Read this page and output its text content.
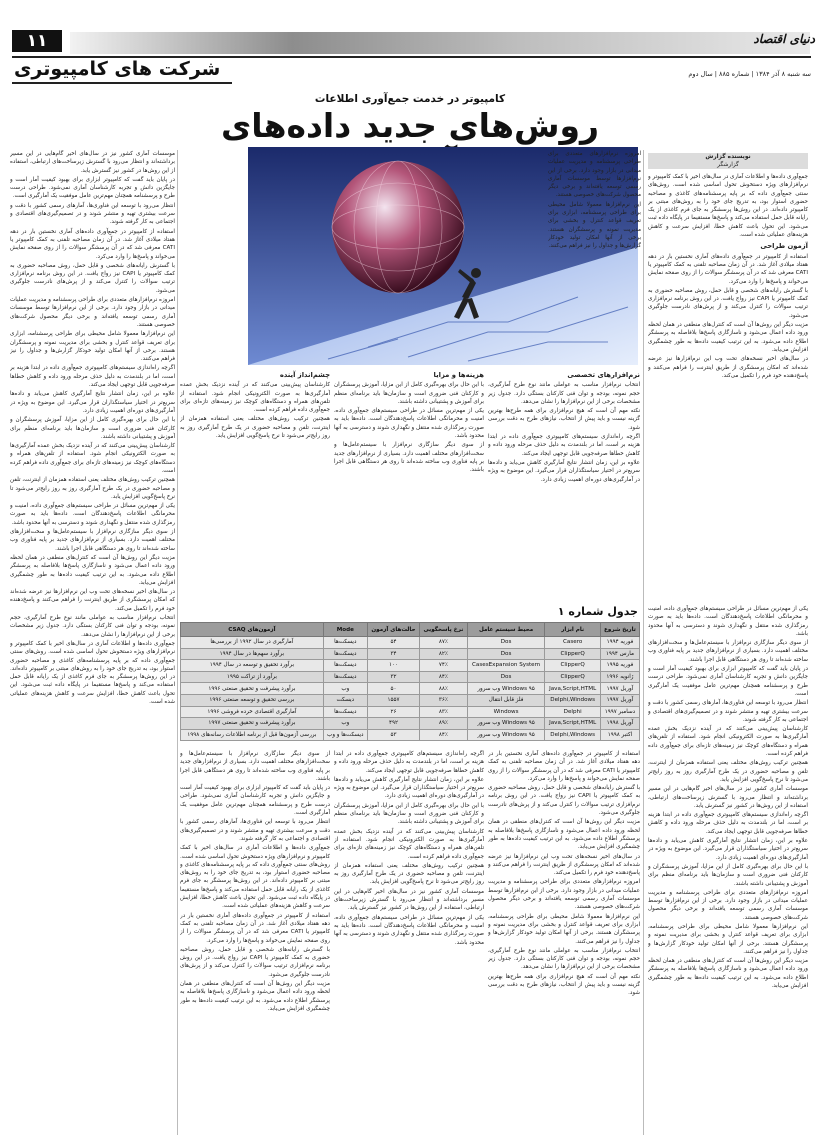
دنیای اقتصاد
۱۱
شرکت های کامپیوتری	سه شنبه ۸ آذر ۱۳۸۴ | شماره ۸۸۵ | سال دوم
کامپیوتر در خدمت جمع‌آوری اطلاعات
روش‌های جدید داده‌های
نویسنده گزارش
گزارشگر

جمع‌آوری داده‌ها و اطلاعات آماری در سال‌های اخیر با کمک کامپیوتر و نرم‌افزارهای ویژه دستخوش تحول اساسی شده است. روش‌های سنتی جمع‌آوری داده که بر پایه پرسشنامه‌های کاغذی و مصاحبه حضوری استوار بود، به تدریج جای خود را به روش‌های مبتنی بر کامپیوتر داده‌اند. در این روش‌ها پرسشگر به جای فرم کاغذی از یک رایانه قابل حمل استفاده می‌کند و پاسخ‌ها مستقیما در پایگاه داده ثبت می‌شود. این تحول باعث کاهش خطا، افزایش سرعت و کاهش هزینه‌های عملیاتی شده است.

آزمون طراحی

استفاده از کامپیوتر در جمع‌آوری داده‌های آماری نخستین بار در دهه هفتاد میلادی آغاز شد. در آن زمان مصاحبه تلفنی به کمک کامپیوتر یا CATI معرفی شد که در آن پرسشگر سوالات را از روی صفحه نمایش می‌خواند و پاسخ‌ها را وارد می‌کرد.

با گسترش رایانه‌های شخصی و قابل حمل، روش مصاحبه حضوری به کمک کامپیوتر یا CAPI نیز رواج یافت. در این روش برنامه نرم‌افزاری ترتیب سوالات را کنترل می‌کند و از پرش‌های نادرست جلوگیری می‌شود.

مزیت دیگر این روش‌ها آن است که کنترل‌های منطقی در همان لحظه ورود داده اعمال می‌شود و ناسازگاری پاسخ‌ها بلافاصله به پرسشگر اطلاع داده می‌شود. به این ترتیب کیفیت داده‌ها به طور چشمگیری افزایش می‌یابد.

در سال‌های اخیر نسخه‌های تحت وب این نرم‌افزارها نیز عرضه شده‌اند که امکان پرسشگری از طریق اینترنت را فراهم می‌کنند و پاسخ‌دهنده خود فرم را تکمیل می‌کند.

امروزه نرم‌افزارهای متعددی برای طراحی پرسشنامه و مدیریت عملیات میدانی در بازار وجود دارد. برخی از این نرم‌افزارها توسط موسسات آماری رسمی توسعه یافته‌اند و برخی دیگر محصول شرکت‌های خصوصی هستند.

این نرم‌افزارها معمولا شامل محیطی برای طراحی پرسشنامه، ابزاری برای تعریف قواعد کنترل و بخشی برای مدیریت نمونه و پرسشگران هستند. برخی از آنها امکان تولید خودکار گزارش‌ها و جداول را نیز فراهم می‌کنند.

نرم‌افزارهای تخصصی

انتخاب نرم‌افزار مناسب به عواملی مانند نوع طرح آمارگیری، حجم نمونه، بودجه و توان فنی کارکنان بستگی دارد. جدول زیر مشخصات برخی از این نرم‌افزارها را نشان می‌دهد.

نکته مهم آن است که هیچ نرم‌افزاری برای همه طرح‌ها بهترین گزینه نیست و باید پیش از انتخاب، نیازهای طرح به دقت بررسی شود.

اگرچه راه‌اندازی سیستم‌های کامپیوتری جمع‌آوری داده در ابتدا هزینه بر است، اما در بلندمدت به دلیل حذف مرحله ورود داده و کاهش خطاها صرفه‌جویی قابل توجهی ایجاد می‌کند.

علاوه بر این، زمان انتشار نتایج آمارگیری کاهش می‌یابد و داده‌ها سریع‌تر در اختیار سیاستگذاران قرار می‌گیرد. این موضوع به ویژه در آمارگیری‌های دوره‌ای اهمیت زیادی دارد.

هزینه‌ها و مزایا

با این حال برای بهره‌گیری کامل از این مزایا، آموزش پرسشگران و کارکنان فنی ضروری است و سازمان‌ها باید برنامه‌ای منظم برای آموزش و پشتیبانی داشته باشند.

یکی از مهم‌ترین مسائل در طراحی سیستم‌های جمع‌آوری داده، امنیت و محرمانگی اطلاعات پاسخ‌دهندگان است. داده‌ها باید به صورت رمزگذاری شده منتقل و نگهداری شوند و دسترسی به آنها محدود باشد.

از سوی دیگر سازگاری نرم‌افزار با سیستم‌عامل‌ها و سخت‌افزارهای مختلف اهمیت دارد. بسیاری از نرم‌افزارهای جدید بر پایه فناوری وب ساخته شده‌اند تا روی هر دستگاهی قابل اجرا باشند.

چشم‌انداز آینده

کارشناسان پیش‌بینی می‌کنند که در آینده نزدیک بخش عمده آمارگیری‌ها به صورت الکترونیکی انجام شود. استفاده از تلفن‌های همراه و دستگاه‌های کوچک نیز زمینه‌های تازه‌ای برای جمع‌آوری داده فراهم کرده است.

همچنین ترکیب روش‌های مختلف یعنی استفاده همزمان از اینترنت، تلفن و مصاحبه حضوری در یک طرح آمارگیری روز به روز رایج‌تر می‌شود تا نرخ پاسخ‌گویی افزایش یابد.

موسسات آماری کشور نیز در سال‌های اخیر گام‌هایی در این مسیر برداشته‌اند و انتظار می‌رود با گسترش زیرساخت‌های ارتباطی، استفاده از این روش‌ها در کشور نیز گسترش یابد.

در پایان باید گفت که کامپیوتر ابزاری برای بهبود کیفیت آمار است و جایگزین دانش و تجربه کارشناسان آماری نمی‌شود. طراحی درست طرح و پرسشنامه همچنان مهم‌ترین عامل موفقیت یک آمارگیری است.

انتظار می‌رود با توسعه این فناوری‌ها، آمارهای رسمی کشور با دقت و سرعت بیشتری تهیه و منتشر شوند و در تصمیم‌گیری‌های اقتصادی و اجتماعی به کار گرفته شوند.

استفاده از کامپیوتر در جمع‌آوری داده‌های آماری نخستین بار در دهه هفتاد میلادی آغاز شد. در آن زمان مصاحبه تلفنی به کمک کامپیوتر یا CATI معرفی شد که در آن پرسشگر سوالات را از روی صفحه نمایش می‌خواند و پاسخ‌ها را وارد می‌کرد.

با گسترش رایانه‌های شخصی و قابل حمل، روش مصاحبه حضوری به کمک کامپیوتر یا CAPI نیز رواج یافت. در این روش برنامه نرم‌افزاری ترتیب سوالات را کنترل می‌کند و از پرش‌های نادرست جلوگیری می‌شود.

امروزه نرم‌افزارهای متعددی برای طراحی پرسشنامه و مدیریت عملیات میدانی در بازار وجود دارد. برخی از این نرم‌افزارها توسط موسسات آماری رسمی توسعه یافته‌اند و برخی دیگر محصول شرکت‌های خصوصی هستند.

این نرم‌افزارها معمولا شامل محیطی برای طراحی پرسشنامه، ابزاری برای تعریف قواعد کنترل و بخشی برای مدیریت نمونه و پرسشگران هستند. برخی از آنها امکان تولید خودکار گزارش‌ها و جداول را نیز فراهم می‌کنند.

اگرچه راه‌اندازی سیستم‌های کامپیوتری جمع‌آوری داده در ابتدا هزینه بر است، اما در بلندمدت به دلیل حذف مرحله ورود داده و کاهش خطاها صرفه‌جویی قابل توجهی ایجاد می‌کند.

علاوه بر این، زمان انتشار نتایج آمارگیری کاهش می‌یابد و داده‌ها سریع‌تر در اختیار سیاستگذاران قرار می‌گیرد. این موضوع به ویژه در آمارگیری‌های دوره‌ای اهمیت زیادی دارد.

با این حال برای بهره‌گیری کامل از این مزایا، آموزش پرسشگران و کارکنان فنی ضروری است و سازمان‌ها باید برنامه‌ای منظم برای آموزش و پشتیبانی داشته باشند.

کارشناسان پیش‌بینی می‌کنند که در آینده نزدیک بخش عمده آمارگیری‌ها به صورت الکترونیکی انجام شود. استفاده از تلفن‌های همراه و دستگاه‌های کوچک نیز زمینه‌های تازه‌ای برای جمع‌آوری داده فراهم کرده است.

همچنین ترکیب روش‌های مختلف یعنی استفاده همزمان از اینترنت، تلفن و مصاحبه حضوری در یک طرح آمارگیری روز به روز رایج‌تر می‌شود تا نرخ پاسخ‌گویی افزایش یابد.

یکی از مهم‌ترین مسائل در طراحی سیستم‌های جمع‌آوری داده، امنیت و محرمانگی اطلاعات پاسخ‌دهندگان است. داده‌ها باید به صورت رمزگذاری شده منتقل و نگهداری شوند و دسترسی به آنها محدود باشد.

از سوی دیگر سازگاری نرم‌افزار با سیستم‌عامل‌ها و سخت‌افزارهای مختلف اهمیت دارد. بسیاری از نرم‌افزارهای جدید بر پایه فناوری وب ساخته شده‌اند تا روی هر دستگاهی قابل اجرا باشند.

مزیت دیگر این روش‌ها آن است که کنترل‌های منطقی در همان لحظه ورود داده اعمال می‌شود و ناسازگاری پاسخ‌ها بلافاصله به پرسشگر اطلاع داده می‌شود. به این ترتیب کیفیت داده‌ها به طور چشمگیری افزایش می‌یابد.

در سال‌های اخیر نسخه‌های تحت وب این نرم‌افزارها نیز عرضه شده‌اند که امکان پرسشگری از طریق اینترنت را فراهم می‌کنند و پاسخ‌دهنده خود فرم را تکمیل می‌کند.

انتخاب نرم‌افزار مناسب به عواملی مانند نوع طرح آمارگیری، حجم نمونه، بودجه و توان فنی کارکنان بستگی دارد. جدول زیر مشخصات برخی از این نرم‌افزارها را نشان می‌دهد.

جمع‌آوری داده‌ها و اطلاعات آماری در سال‌های اخیر با کمک کامپیوتر و نرم‌افزارهای ویژه دستخوش تحول اساسی شده است. روش‌های سنتی جمع‌آوری داده که بر پایه پرسشنامه‌های کاغذی و مصاحبه حضوری استوار بود، به تدریج جای خود را به روش‌های مبتنی بر کامپیوتر داده‌اند. در این روش‌ها پرسشگر به جای فرم کاغذی از یک رایانه قابل حمل استفاده می‌کند و پاسخ‌ها مستقیما در پایگاه داده ثبت می‌شود. این تحول باعث کاهش خطا، افزایش سرعت و کاهش هزینه‌های عملیاتی شده است.

یکی از مهم‌ترین مسائل در طراحی سیستم‌های جمع‌آوری داده، امنیت و محرمانگی اطلاعات پاسخ‌دهندگان است. داده‌ها باید به صورت رمزگذاری شده منتقل و نگهداری شوند و دسترسی به آنها محدود باشد.

از سوی دیگر سازگاری نرم‌افزار با سیستم‌عامل‌ها و سخت‌افزارهای مختلف اهمیت دارد. بسیاری از نرم‌افزارهای جدید بر پایه فناوری وب ساخته شده‌اند تا روی هر دستگاهی قابل اجرا باشند.

در پایان باید گفت که کامپیوتر ابزاری برای بهبود کیفیت آمار است و جایگزین دانش و تجربه کارشناسان آماری نمی‌شود. طراحی درست طرح و پرسشنامه همچنان مهم‌ترین عامل موفقیت یک آمارگیری است.

انتظار می‌رود با توسعه این فناوری‌ها، آمارهای رسمی کشور با دقت و سرعت بیشتری تهیه و منتشر شوند و در تصمیم‌گیری‌های اقتصادی و اجتماعی به کار گرفته شوند.

کارشناسان پیش‌بینی می‌کنند که در آینده نزدیک بخش عمده آمارگیری‌ها به صورت الکترونیکی انجام شود. استفاده از تلفن‌های همراه و دستگاه‌های کوچک نیز زمینه‌های تازه‌ای برای جمع‌آوری داده فراهم کرده است.

همچنین ترکیب روش‌های مختلف یعنی استفاده همزمان از اینترنت، تلفن و مصاحبه حضوری در یک طرح آمارگیری روز به روز رایج‌تر می‌شود تا نرخ پاسخ‌گویی افزایش یابد.

موسسات آماری کشور نیز در سال‌های اخیر گام‌هایی در این مسیر برداشته‌اند و انتظار می‌رود با گسترش زیرساخت‌های ارتباطی، استفاده از این روش‌ها در کشور نیز گسترش یابد.

اگرچه راه‌اندازی سیستم‌های کامپیوتری جمع‌آوری داده در ابتدا هزینه بر است، اما در بلندمدت به دلیل حذف مرحله ورود داده و کاهش خطاها صرفه‌جویی قابل توجهی ایجاد می‌کند.

علاوه بر این، زمان انتشار نتایج آمارگیری کاهش می‌یابد و داده‌ها سریع‌تر در اختیار سیاستگذاران قرار می‌گیرد. این موضوع به ویژه در آمارگیری‌های دوره‌ای اهمیت زیادی دارد.

با این حال برای بهره‌گیری کامل از این مزایا، آموزش پرسشگران و کارکنان فنی ضروری است و سازمان‌ها باید برنامه‌ای منظم برای آموزش و پشتیبانی داشته باشند.

امروزه نرم‌افزارهای متعددی برای طراحی پرسشنامه و مدیریت عملیات میدانی در بازار وجود دارد. برخی از این نرم‌افزارها توسط موسسات آماری رسمی توسعه یافته‌اند و برخی دیگر محصول شرکت‌های خصوصی هستند.

این نرم‌افزارها معمولا شامل محیطی برای طراحی پرسشنامه، ابزاری برای تعریف قواعد کنترل و بخشی برای مدیریت نمونه و پرسشگران هستند. برخی از آنها امکان تولید خودکار گزارش‌ها و جداول را نیز فراهم می‌کنند.

مزیت دیگر این روش‌ها آن است که کنترل‌های منطقی در همان لحظه ورود داده اعمال می‌شود و ناسازگاری پاسخ‌ها بلافاصله به پرسشگر اطلاع داده می‌شود. به این ترتیب کیفیت داده‌ها به طور چشمگیری افزایش می‌یابد.

جدول شماره ۱
تاریخ شروع	نام ابزار	محیط سیستم عامل	نرخ پاسخگویی	حالت‌های آزمون	Mode	آزمون‌های CSAQ
فوریه ۱۹۹۴	Casero	Dos	۸۷٪	۵۴	دیسکت‌ها	آمارگیری در سال ۱۹۹۲ از بررسی‌ها
مارس ۱۹۹۴	ClipperQ	Dos	۸۲٪	۳۴	دیسکت‌ها	برآورد سهم‌ها در سال ۱۹۹۴
فوریه ۱۹۹۵	ClipperQ	CasesExpansion System	۷۴٪	۱۰۰	دیسکت‌ها	برآورد تحقیق و توسعه در سال ۱۹۹۴
ژانویه ۱۹۹۶	ClipperQ	Dos	۸۴٪	۳۲	دیسکت‌ها	برآورد از تراکت ۱۹۹۵
آوریل ۱۹۹۷	Java,Script,HTML	Windows ۹۵ وب سرور	۸۸٪	۵۰	وب	برآورد پیشرفت و تحقیق صنعتی ۱۹۹۶
آوریل ۱۹۹۷	Delphi,Windows	فلز قابل انتقال	۳۶٪	۱۵۵۷	دیسکت	بررسی تحقیق و توسعه صنعتی ۱۹۹۶
دسامبر ۱۹۹۷	Delphi	Windows	۸۳٪	۲۶	دیسکت‌ها	آمارگیری اقتصادی خرده فروشی ۱۹۹۶
آوریل ۱۹۹۸	Java,Script,HTML	Windows ۹۵ وب سرور	۸۹٪	۴۹۲	وب	برآورد پیشرفت و تحقیق صنعتی ۱۹۹۷
اکتبر ۱۹۹۸	Delphi,Windows	Windows ۹۵ وب سرور	۸۴٪	۵۳	دیسکت‌ها و وب	بررسی آزمون‌ها قبل از برنامه اطلاعات رسانه‌های ۱۹۹۸

استفاده از کامپیوتر در جمع‌آوری داده‌های آماری نخستین بار در دهه هفتاد میلادی آغاز شد. در آن زمان مصاحبه تلفنی به کمک کامپیوتر یا CATI معرفی شد که در آن پرسشگر سوالات را از روی صفحه نمایش می‌خواند و پاسخ‌ها را وارد می‌کرد.

با گسترش رایانه‌های شخصی و قابل حمل، روش مصاحبه حضوری به کمک کامپیوتر یا CAPI نیز رواج یافت. در این روش برنامه نرم‌افزاری ترتیب سوالات را کنترل می‌کند و از پرش‌های نادرست جلوگیری می‌شود.

مزیت دیگر این روش‌ها آن است که کنترل‌های منطقی در همان لحظه ورود داده اعمال می‌شود و ناسازگاری پاسخ‌ها بلافاصله به پرسشگر اطلاع داده می‌شود. به این ترتیب کیفیت داده‌ها به طور چشمگیری افزایش می‌یابد.

در سال‌های اخیر نسخه‌های تحت وب این نرم‌افزارها نیز عرضه شده‌اند که امکان پرسشگری از طریق اینترنت را فراهم می‌کنند و پاسخ‌دهنده خود فرم را تکمیل می‌کند.

امروزه نرم‌افزارهای متعددی برای طراحی پرسشنامه و مدیریت عملیات میدانی در بازار وجود دارد. برخی از این نرم‌افزارها توسط موسسات آماری رسمی توسعه یافته‌اند و برخی دیگر محصول شرکت‌های خصوصی هستند.

این نرم‌افزارها معمولا شامل محیطی برای طراحی پرسشنامه، ابزاری برای تعریف قواعد کنترل و بخشی برای مدیریت نمونه و پرسشگران هستند. برخی از آنها امکان تولید خودکار گزارش‌ها و جداول را نیز فراهم می‌کنند.

انتخاب نرم‌افزار مناسب به عواملی مانند نوع طرح آمارگیری، حجم نمونه، بودجه و توان فنی کارکنان بستگی دارد. جدول زیر مشخصات برخی از این نرم‌افزارها را نشان می‌دهد.

نکته مهم آن است که هیچ نرم‌افزاری برای همه طرح‌ها بهترین گزینه نیست و باید پیش از انتخاب، نیازهای طرح به دقت بررسی شود.

اگرچه راه‌اندازی سیستم‌های کامپیوتری جمع‌آوری داده در ابتدا هزینه بر است، اما در بلندمدت به دلیل حذف مرحله ورود داده و کاهش خطاها صرفه‌جویی قابل توجهی ایجاد می‌کند.

علاوه بر این، زمان انتشار نتایج آمارگیری کاهش می‌یابد و داده‌ها سریع‌تر در اختیار سیاستگذاران قرار می‌گیرد. این موضوع به ویژه در آمارگیری‌های دوره‌ای اهمیت زیادی دارد.

با این حال برای بهره‌گیری کامل از این مزایا، آموزش پرسشگران و کارکنان فنی ضروری است و سازمان‌ها باید برنامه‌ای منظم برای آموزش و پشتیبانی داشته باشند.

کارشناسان پیش‌بینی می‌کنند که در آینده نزدیک بخش عمده آمارگیری‌ها به صورت الکترونیکی انجام شود. استفاده از تلفن‌های همراه و دستگاه‌های کوچک نیز زمینه‌های تازه‌ای برای جمع‌آوری داده فراهم کرده است.

همچنین ترکیب روش‌های مختلف یعنی استفاده همزمان از اینترنت، تلفن و مصاحبه حضوری در یک طرح آمارگیری روز به روز رایج‌تر می‌شود تا نرخ پاسخ‌گویی افزایش یابد.

موسسات آماری کشور نیز در سال‌های اخیر گام‌هایی در این مسیر برداشته‌اند و انتظار می‌رود با گسترش زیرساخت‌های ارتباطی، استفاده از این روش‌ها در کشور نیز گسترش یابد.

یکی از مهم‌ترین مسائل در طراحی سیستم‌های جمع‌آوری داده، امنیت و محرمانگی اطلاعات پاسخ‌دهندگان است. داده‌ها باید به صورت رمزگذاری شده منتقل و نگهداری شوند و دسترسی به آنها محدود باشد.

از سوی دیگر سازگاری نرم‌افزار با سیستم‌عامل‌ها و سخت‌افزارهای مختلف اهمیت دارد. بسیاری از نرم‌افزارهای جدید بر پایه فناوری وب ساخته شده‌اند تا روی هر دستگاهی قابل اجرا باشند.

در پایان باید گفت که کامپیوتر ابزاری برای بهبود کیفیت آمار است و جایگزین دانش و تجربه کارشناسان آماری نمی‌شود. طراحی درست طرح و پرسشنامه همچنان مهم‌ترین عامل موفقیت یک آمارگیری است.

انتظار می‌رود با توسعه این فناوری‌ها، آمارهای رسمی کشور با دقت و سرعت بیشتری تهیه و منتشر شوند و در تصمیم‌گیری‌های اقتصادی و اجتماعی به کار گرفته شوند.

جمع‌آوری داده‌ها و اطلاعات آماری در سال‌های اخیر با کمک کامپیوتر و نرم‌افزارهای ویژه دستخوش تحول اساسی شده است. روش‌های سنتی جمع‌آوری داده که بر پایه پرسشنامه‌های کاغذی و مصاحبه حضوری استوار بود، به تدریج جای خود را به روش‌های مبتنی بر کامپیوتر داده‌اند. در این روش‌ها پرسشگر به جای فرم کاغذی از یک رایانه قابل حمل استفاده می‌کند و پاسخ‌ها مستقیما در پایگاه داده ثبت می‌شود. این تحول باعث کاهش خطا، افزایش سرعت و کاهش هزینه‌های عملیاتی شده است.

استفاده از کامپیوتر در جمع‌آوری داده‌های آماری نخستین بار در دهه هفتاد میلادی آغاز شد. در آن زمان مصاحبه تلفنی به کمک کامپیوتر یا CATI معرفی شد که در آن پرسشگر سوالات را از روی صفحه نمایش می‌خواند و پاسخ‌ها را وارد می‌کرد.

با گسترش رایانه‌های شخصی و قابل حمل، روش مصاحبه حضوری به کمک کامپیوتر یا CAPI نیز رواج یافت. در این روش برنامه نرم‌افزاری ترتیب سوالات را کنترل می‌کند و از پرش‌های نادرست جلوگیری می‌شود.

مزیت دیگر این روش‌ها آن است که کنترل‌های منطقی در همان لحظه ورود داده اعمال می‌شود و ناسازگاری پاسخ‌ها بلافاصله به پرسشگر اطلاع داده می‌شود. به این ترتیب کیفیت داده‌ها به طور چشمگیری افزایش می‌یابد.
